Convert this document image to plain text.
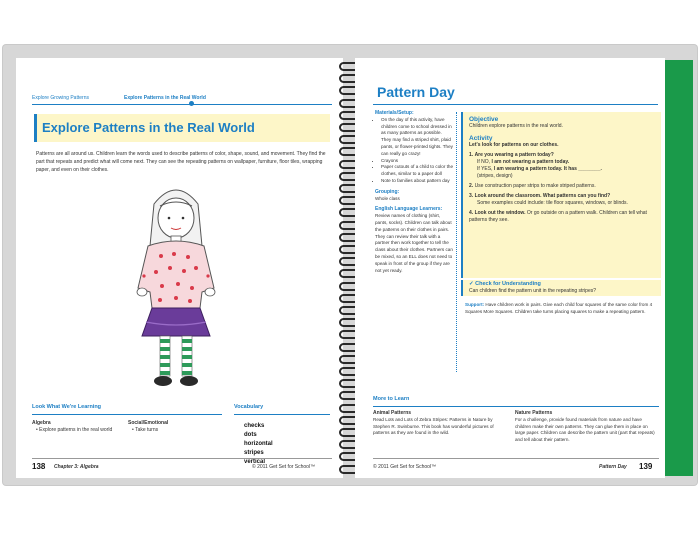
Explore Growing Patterns	Explore Patterns in the Real World
Explore Patterns in the Real World
Patterns are all around us. Children learn the words used to describe patterns of color, shape, sound, and movement. They find the part that repeats and predict what will come next. They can see the repeating patterns on wallpaper, furniture, floor tiles, wrapping paper, and even on their clothes.
Look What We're Learning	Vocabulary
Algebra
• Explore patterns in the real world
Social/Emotional
• Take turns
checks
dots
horizontal
stripes
vertical
138 Chapter 3: Algebra	© 2011 Get Set for School™
Pattern Day
Materials/Setup:
• On the day of this activity, have children come to school dressed in as many patterns as possible. They may find a striped shirt, plaid pants, or flower-printed tights. They can really go crazy!
• Crayons
• Paper cutouts of a child to color the clothes, similar to a paper doll
• Note to families about pattern day
Grouping:
Whole class
English Language Learners:
Review names of clothing (shirt, pants, socks). Children can talk about the patterns on their clothes in pairs. They can review their talk with a partner then work together to tell the class about their clothes. Partners can be mixed, so an ELL does not need to speak in front of the group if they are not yet ready.
Objective
Children explore patterns in the real world.
Activity
Let's look for patterns on our clothes.
1. Are you wearing a pattern today?
If NO, I am not wearing a pattern today.
If YES, I am wearing a pattern today. It has ________.
(stripes, design)
2. Use construction paper strips to make striped patterns.
3. Look around the classroom. What patterns can you find?
Some examples could include: tile floor squares, windows, or blinds.
4. Look out the window. Or go outside on a pattern walk. Children can tell what patterns they see.
✓ Check for Understanding
Can children find the pattern unit in the repeating stripes?
Support: Have children work in pairs. Give each child four squares of the same color from 4 Squares More Squares. Children take turns placing squares to make a repeating pattern.
More to Learn
Animal Patterns
Read Lots and Lots of Zebra Stripes: Patterns in Nature by Stephen R. Swinburne. This book has wonderful pictures of patterns as they are found in the wild.
Nature Patterns
For a challenge, provide found materials from nature and have children make their own patterns. They can glue them in place on large paper. Children can describe the pattern unit (part that repeats) and tell about their pattern.
© 2011 Get Set for School™	Pattern Day 139
